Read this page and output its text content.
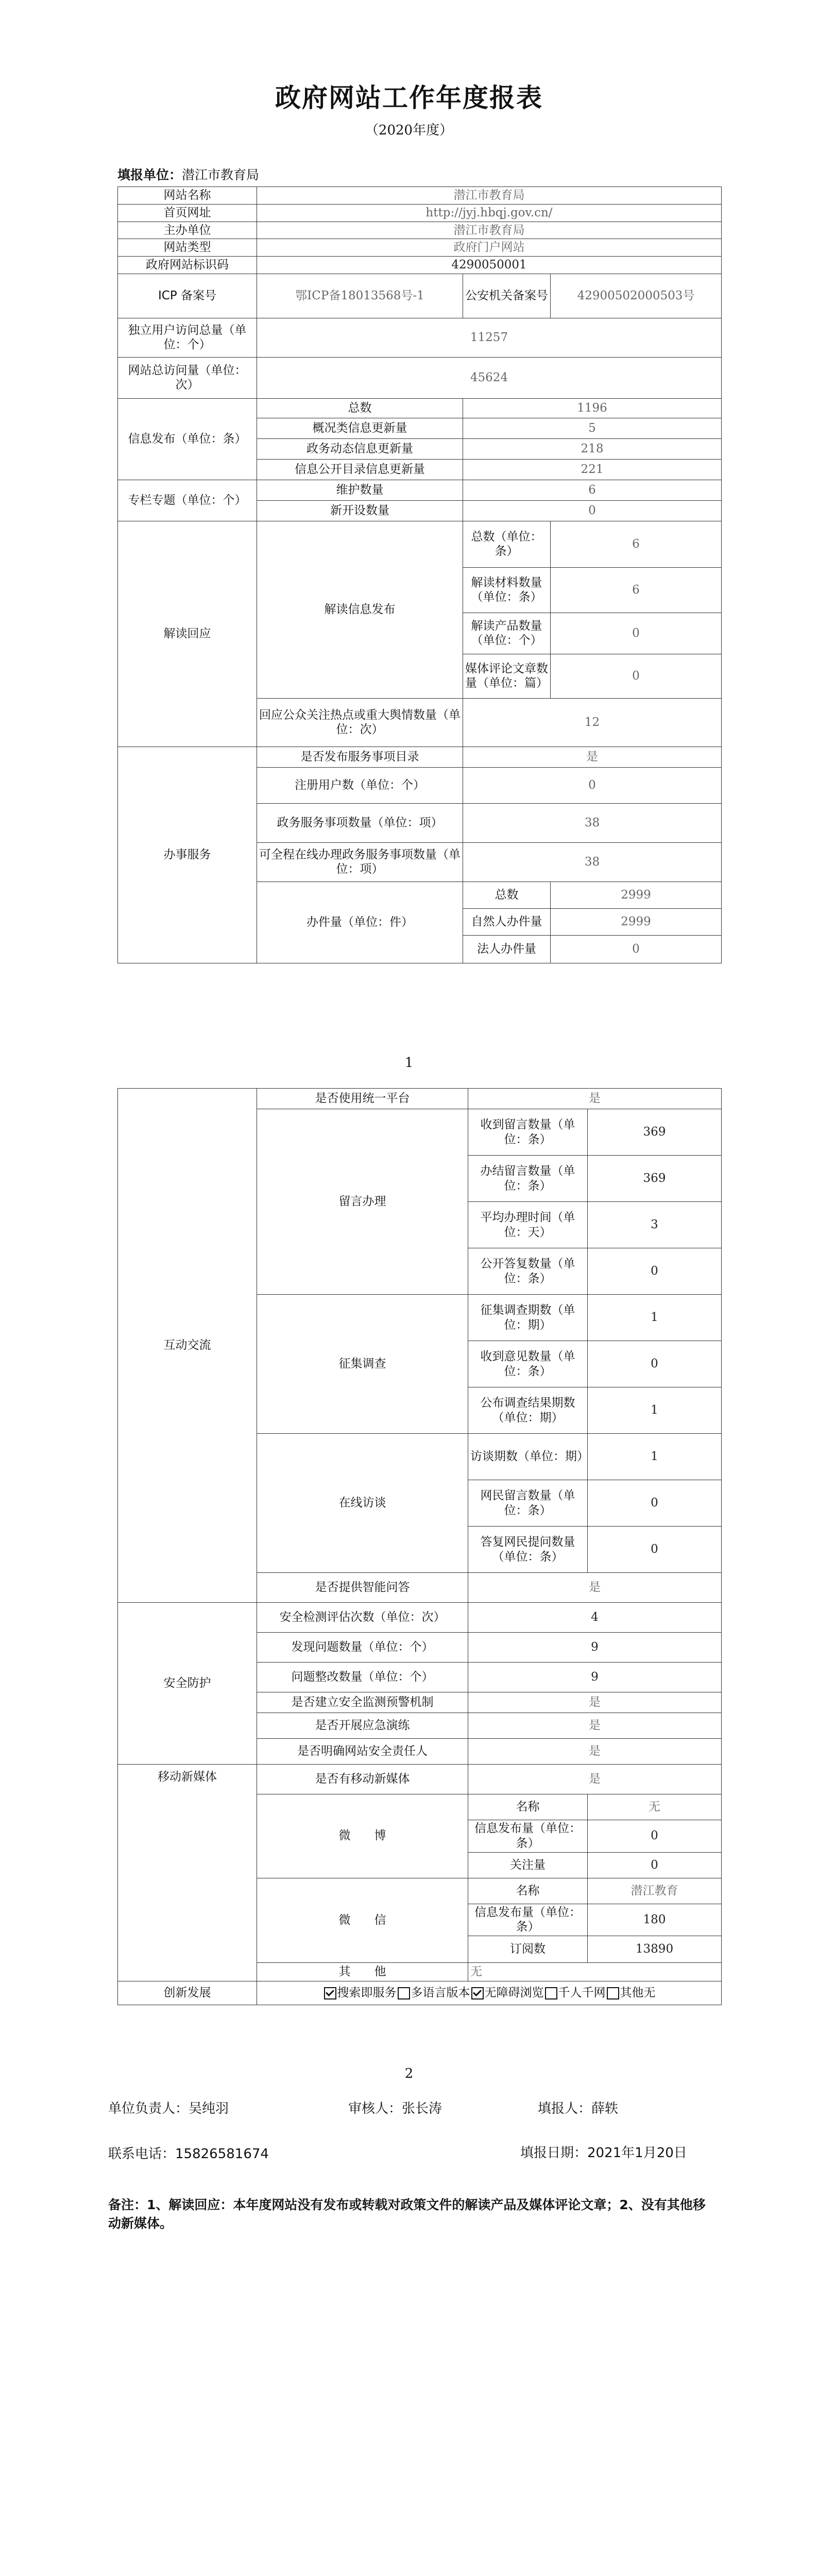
政府网站工作年度报表
（2020年度）
填报单位：潜江市教育局
网站名称	潜江市教育局		
首页网址	http://jyj.hbqj.gov.cn/		
主办单位	潜江市教育局		
网站类型	政府门户网站		
政府网站标识码	4290050001		
ICP 备案号	鄂ICP备18013568号-1	公安机关备案号	42900502000503号
独立用户访问总量（单位：个）	11257		
网站总访问量（单位：次）	45624		
信息发布（单位：条）	总数	1196	
	概况类信息更新量	5	
	政务动态信息更新量	218	
	信息公开目录信息更新量	221	
专栏专题（单位：个）	维护数量	6	
	新开设数量	0	
解读回应	解读信息发布	总数（单位：条）	6
		解读材料数量（单位：条）	6
		解读产品数量（单位：个）	0
		媒体评论文章数量（单位：篇）	0
	回应公众关注热点或重大舆情数量（单位：次）	12	
办事服务	是否发布服务事项目录	是	
	注册用户数（单位：个）	0	
	政务服务事项数量（单位：项）	38	
	可全程在线办理政务服务事项数量（单位：项）	38	
	办件量（单位：件）	总数	2999
		自然人办件量	2999
		法人办件量	0
1
互动交流	是否使用统一平台	是	
	留言办理	收到留言数量（单位：条）	369
		办结留言数量（单位：条）	369
		平均办理时间（单位：天）	3
		公开答复数量（单位：条）	0
	征集调查	征集调查期数（单位：期）	1
		收到意见数量（单位：条）	0
		公布调查结果期数（单位：期）	1
	在线访谈	访谈期数（单位：期）	1
		网民留言数量（单位：条）	0
		答复网民提问数量（单位：条）	0
	是否提供智能问答	是	
安全防护	安全检测评估次数（单位：次）	4	
	发现问题数量（单位：个）	9	
	问题整改数量（单位：个）	9	
	是否建立安全监测预警机制	是	
	是否开展应急演练	是	
	是否明确网站安全责任人	是	
移动新媒体	是否有移动新媒体	是	
	微　　博	名称	无
		信息发布量（单位：条）	0
		关注量	0
	微　　信	名称	潜江教育
		信息发布量（单位：条）	180
		订阅数	13890
	其　　他	无	
创新发展	搜索即服务 多语言版本 无障碍浏览 千人千网 其他无		
2
单位负责人：吴纯羽	审核人：张长涛	填报人：薛轶
联系电话：15826581674	填报日期：2021年1月20日
备注：1、解读回应：本年度网站没有发布或转载对政策文件的解读产品及媒体评论文章；2、没有其他移动新媒体。
